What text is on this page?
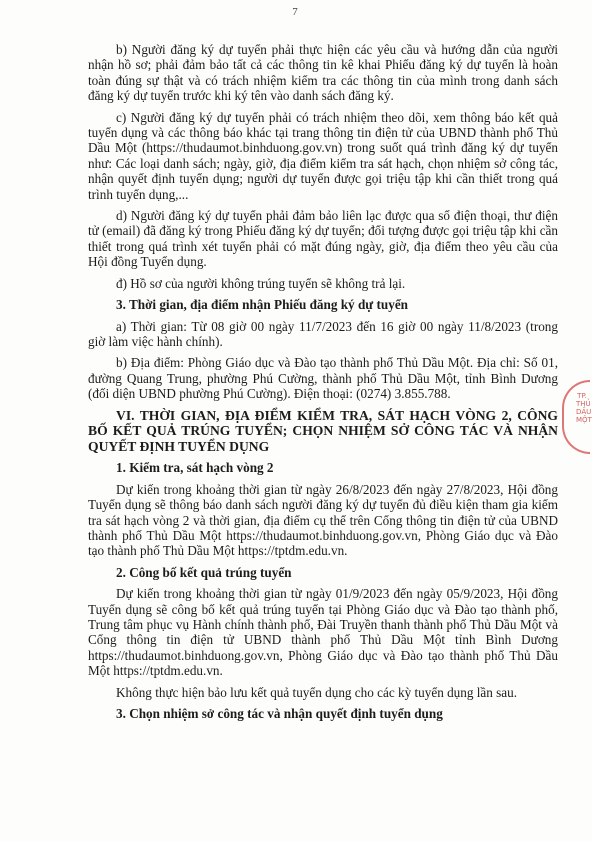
7

b) Người đăng ký dự tuyển phải thực hiện các yêu cầu và hướng dẫn của người nhận hồ sơ; phải đảm bảo tất cả các thông tin kê khai Phiếu đăng ký dự tuyển là hoàn toàn đúng sự thật và có trách nhiệm kiểm tra các thông tin của mình trong danh sách đăng ký dự tuyển trước khi ký tên vào danh sách đăng ký.

c) Người đăng ký dự tuyển phải có trách nhiệm theo dõi, xem thông báo kết quả tuyển dụng và các thông báo khác tại trang thông tin điện tử của UBND thành phố Thủ Dầu Một (https://thudaumot.binhduong.gov.vn) trong suốt quá trình đăng ký dự tuyển như: Các loại danh sách; ngày, giờ, địa điểm kiểm tra sát hạch, chọn nhiệm sở công tác, nhận quyết định tuyển dụng; người dự tuyển được gọi triệu tập khi cần thiết trong quá trình tuyển dụng,...

d) Người đăng ký dự tuyển phải đảm bảo liên lạc được qua số điện thoại, thư điện tử (email) đã đăng ký trong Phiếu đăng ký dự tuyển; đối tượng được gọi triệu tập khi cần thiết trong quá trình xét tuyển phải có mặt đúng ngày, giờ, địa điểm theo yêu cầu của Hội đồng Tuyển dụng.

đ) Hồ sơ của người không trúng tuyển sẽ không trả lại.

3. Thời gian, địa điểm nhận Phiếu đăng ký dự tuyển

a) Thời gian: Từ 08 giờ 00 ngày 11/7/2023 đến 16 giờ 00 ngày 11/8/2023 (trong giờ làm việc hành chính).

b) Địa điểm: Phòng Giáo dục và Đào tạo thành phố Thủ Dầu Một. Địa chỉ: Số 01, đường Quang Trung, phường Phú Cường, thành phố Thủ Dầu Một, tỉnh Bình Dương (đối diện UBND phường Phú Cường). Điện thoại: (0274) 3.855.788.

VI. THỜI GIAN, ĐỊA ĐIỂM KIỂM TRA, SÁT HẠCH VÒNG 2, CÔNG BỐ KẾT QUẢ TRÚNG TUYỂN; CHỌN NHIỆM SỞ CÔNG TÁC VÀ NHẬN QUYẾT ĐỊNH TUYỂN DỤNG
1. Kiểm tra, sát hạch vòng 2

Dự kiến trong khoảng thời gian từ ngày 26/8/2023 đến ngày 27/8/2023, Hội đồng Tuyển dụng sẽ thông báo danh sách người đăng ký dự tuyển đủ điều kiện tham gia kiểm tra sát hạch vòng 2 và thời gian, địa điểm cụ thể trên Cổng thông tin điện tử của UBND thành phố Thủ Dầu Một https://thudaumot.binhduong.gov.vn, Phòng Giáo dục và Đào tạo thành phố Thủ Dầu Một https://tptdm.edu.vn.

2. Công bố kết quả trúng tuyển

Dự kiến trong khoảng thời gian từ ngày 01/9/2023 đến ngày 05/9/2023, Hội đồng Tuyển dụng sẽ công bố kết quả trúng tuyển tại Phòng Giáo dục và Đào tạo thành phố, Trung tâm phục vụ Hành chính thành phố, Đài Truyền thanh thành phố Thủ Dầu Một và Cổng thông tin điện tử UBND thành phố Thủ Dầu Một tỉnh Bình Dương https://thudaumot.binhduong.gov.vn, Phòng Giáo dục và Đào tạo thành phố Thủ Dầu Một https://tptdm.edu.vn.

Không thực hiện bảo lưu kết quả tuyển dụng cho các kỳ tuyển dụng lần sau.

3. Chọn nhiệm sở công tác và nhận quyết định tuyển dụng
TP. THỦ DẦU MỘT
